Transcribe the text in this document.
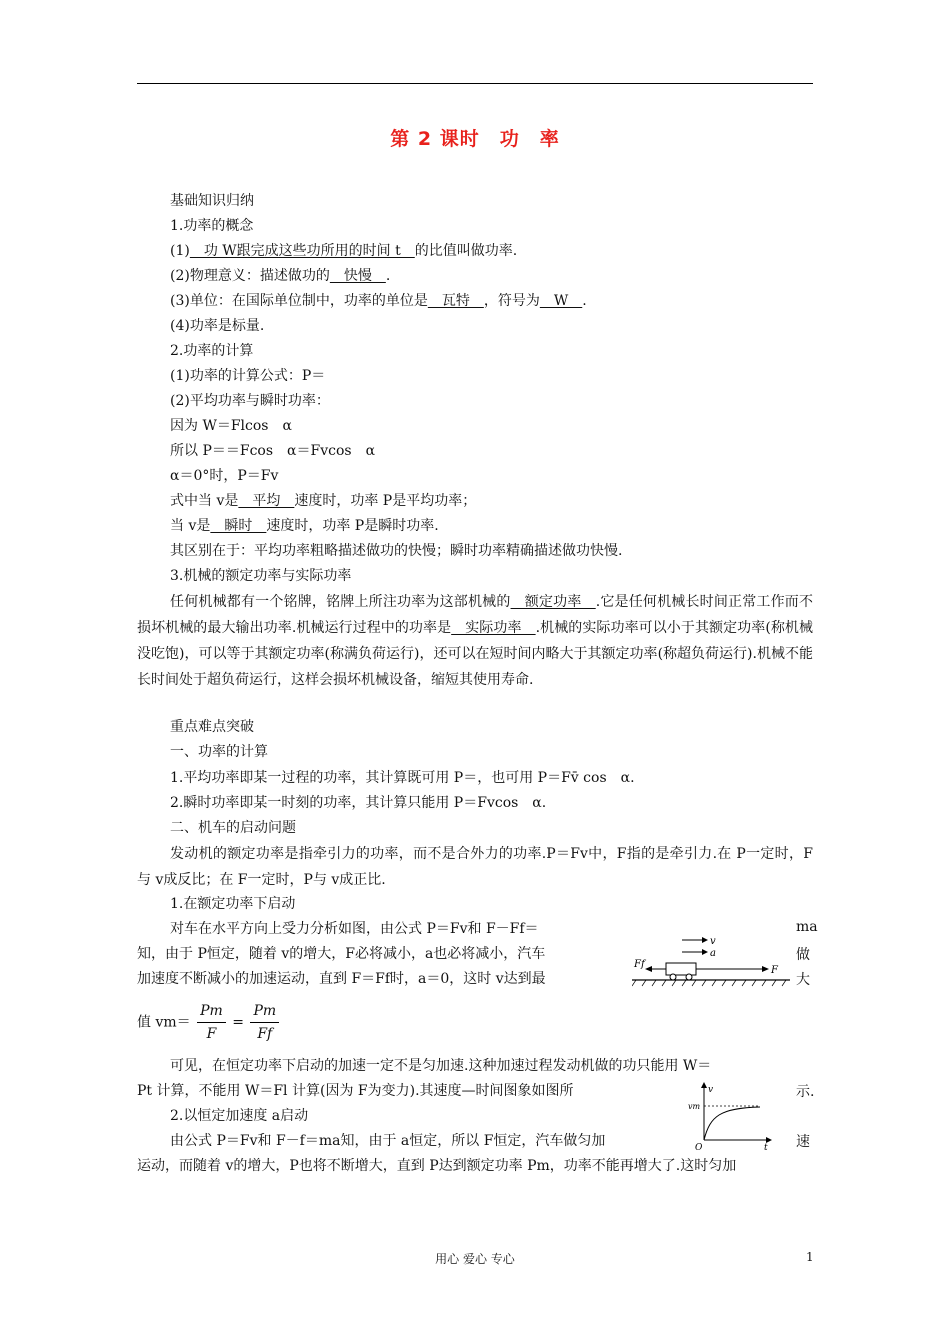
第 2 课时　功　率
基础知识归纳
1.功率的概念
(1)　功 W跟完成这些功所用的时间 t　的比值叫做功率.
(2)物理意义：描述做功的　快慢　.
(3)单位：在国际单位制中，功率的单位是　瓦特　，符号为　W　.
(4)功率是标量.
2.功率的计算
(1)功率的计算公式：P＝
(2)平均功率与瞬时功率：
因为 W＝Flcos　α
所以 P＝＝Fcos　α＝Fvcos　α
α＝0°时，P＝Fv
式中当 v是　平均　速度时，功率 P是平均功率；
当 v是　瞬时　速度时，功率 P是瞬时功率.
其区别在于：平均功率粗略描述做功的快慢；瞬时功率精确描述做功快慢.
3.机械的额定功率与实际功率
任何机械都有一个铭牌，铭牌上所注功率为这部机械的　额定功率　.它是任何机械长时间正常工作而不损坏机械的最大输出功率.机械运行过程中的功率是　实际功率　.机械的实际功率可以小于其额定功率(称机械没吃饱)，可以等于其额定功率(称满负荷运行)，还可以在短时间内略大于其额定功率(称超负荷运行).机械不能长时间处于超负荷运行，这样会损坏机械设备，缩短其使用寿命.
重点难点突破
一、功率的计算
1.平均功率即某一过程的功率，其计算既可用 P＝，也可用 P＝Fv̄ cos　α.
2.瞬时功率即某一时刻的功率，其计算只能用 P＝Fvcos　α.
二、机车的启动问题
发动机的额定功率是指牵引力的功率，而不是合外力的功率.P＝Fv中，F指的是牵引力.在 P一定时，F与 v成反比；在 F一定时，P与 v成正比.
1.在额定功率下启动
对车在水平方向上受力分析如图，由公式 P＝Fv和 F－Ff＝	ma
知，由于 P恒定，随着 v的增大，F必将减小，a也必将减小，汽车	做
加速度不断减小的加速运动，直到 F＝Ff时，a＝0，这时 v达到最	大
值 $vm= \frac{Pm}{F} = \frac{Pm}{Ff}$
v
a
F
Ff
可见，在恒定功率下启动的加速一定不是匀加速.这种加速过程发动机做的功只能用 W＝
Pt 计算，不能用 W＝Fl 计算(因为 F为变力).其速度—时间图象如图所	示.
2.以恒定加速度 a启动
由公式 P＝Fv和 F－f＝ma知，由于 a恒定，所以 F恒定，汽车做匀加	速
运动，而随着 v的增大，P也将不断增大，直到 P达到额定功率 Pm，功率不能再增大了.这时匀加
v
vm
O	t
用心 爱心 专心	1
